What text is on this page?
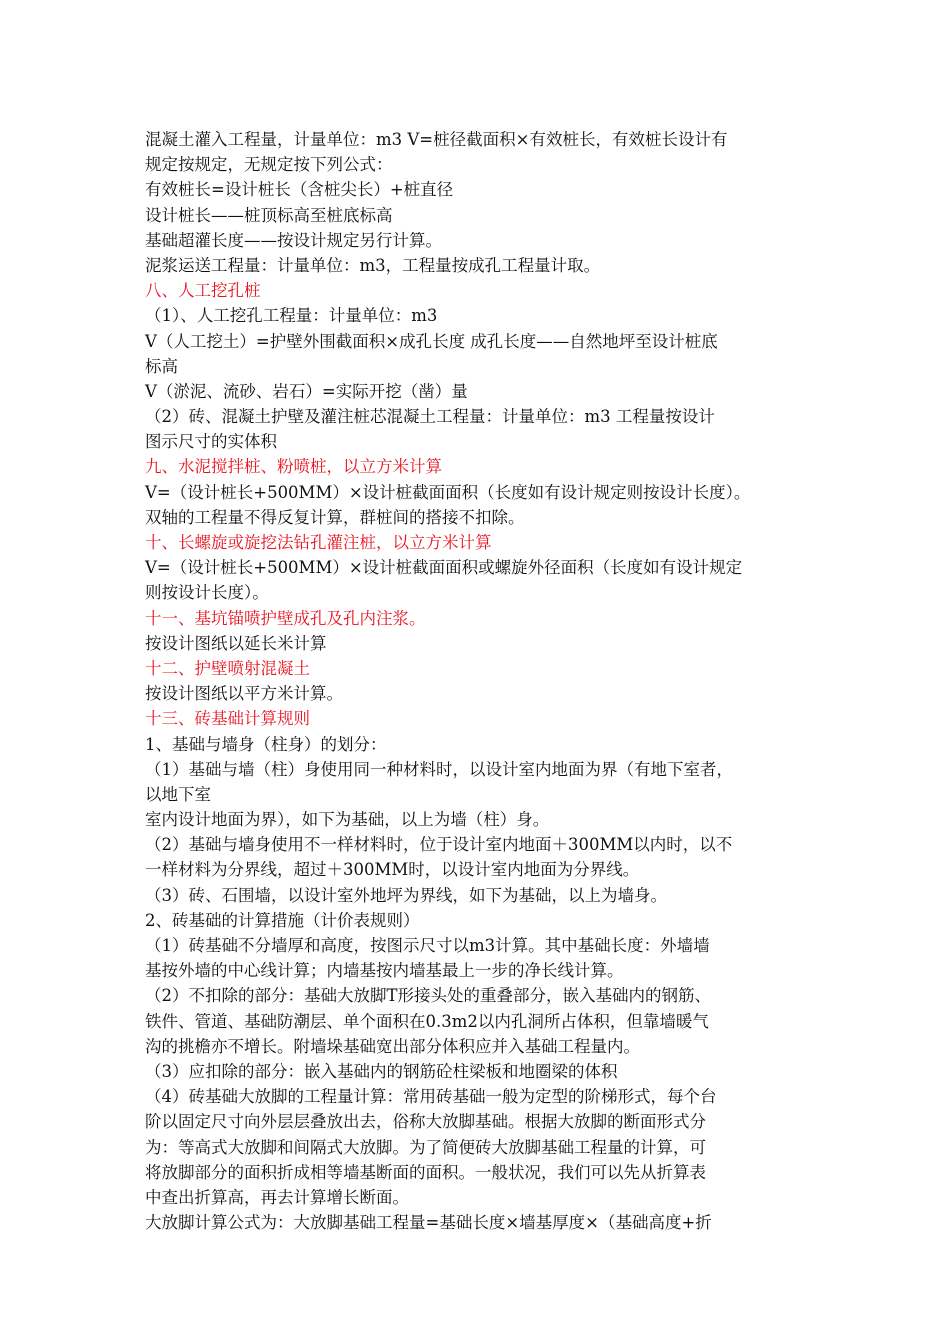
混凝土灌入工程量，计量单位：m3 V=桩径截面积×有效桩长，有效桩长设计有
规定按规定，无规定按下列公式：
有效桩长=设计桩长（含桩尖长）+桩直径
设计桩长——桩顶标高至桩底标高
基础超灌长度——按设计规定另行计算。
泥浆运送工程量：计量单位：m3，工程量按成孔工程量计取。
八、人工挖孔桩
（1）、人工挖孔工程量：计量单位：m3
V（人工挖土）=护壁外围截面积×成孔长度 成孔长度——自然地坪至设计桩底
标高
V（淤泥、流砂、岩石）=实际开挖（凿）量
（2）砖、混凝土护壁及灌注桩芯混凝土工程量：计量单位：m3 工程量按设计
图示尺寸的实体积
九、水泥搅拌桩、粉喷桩，以立方米计算
V=（设计桩长+500MM）×设计桩截面面积（长度如有设计规定则按设计长度）。
双轴的工程量不得反复计算，群桩间的搭接不扣除。
十、长螺旋或旋挖法钻孔灌注桩，以立方米计算
V=（设计桩长+500MM）×设计桩截面面积或螺旋外径面积（长度如有设计规定
则按设计长度）。
十一、基坑锚喷护壁成孔及孔内注浆。
按设计图纸以延长米计算
十二、护壁喷射混凝土
按设计图纸以平方米计算。
十三、砖基础计算规则
1、基础与墙身（柱身）的划分：
（1）基础与墙（柱）身使用同一种材料时，以设计室内地面为界（有地下室者，
以地下室
室内设计地面为界），如下为基础，以上为墙（柱）身。
（2）基础与墙身使用不一样材料时，位于设计室内地面＋300MM以内时，以不
一样材料为分界线，超过＋300MM时，以设计室内地面为分界线。
（3）砖、石围墙，以设计室外地坪为界线，如下为基础，以上为墙身。
2、砖基础的计算措施（计价表规则）
（1）砖基础不分墙厚和高度，按图示尺寸以m3计算。其中基础长度：外墙墙
基按外墙的中心线计算；内墙基按内墙基最上一步的净长线计算。
（2）不扣除的部分：基础大放脚T形接头处的重叠部分，嵌入基础内的钢筋、
铁件、管道、基础防潮层、单个面积在0.3m2以内孔洞所占体积，但靠墙暖气
沟的挑檐亦不增长。附墙垛基础宽出部分体积应并入基础工程量内。
（3）应扣除的部分：嵌入基础内的钢筋砼柱梁板和地圈梁的体积
（4）砖基础大放脚的工程量计算：常用砖基础一般为定型的阶梯形式，每个台
阶以固定尺寸向外层层叠放出去，俗称大放脚基础。根据大放脚的断面形式分
为：等高式大放脚和间隔式大放脚。为了简便砖大放脚基础工程量的计算，可
将放脚部分的面积折成相等墙基断面的面积。一般状况，我们可以先从折算表
中查出折算高，再去计算增长断面。
大放脚计算公式为：大放脚基础工程量=基础长度×墙基厚度×（基础高度+折
